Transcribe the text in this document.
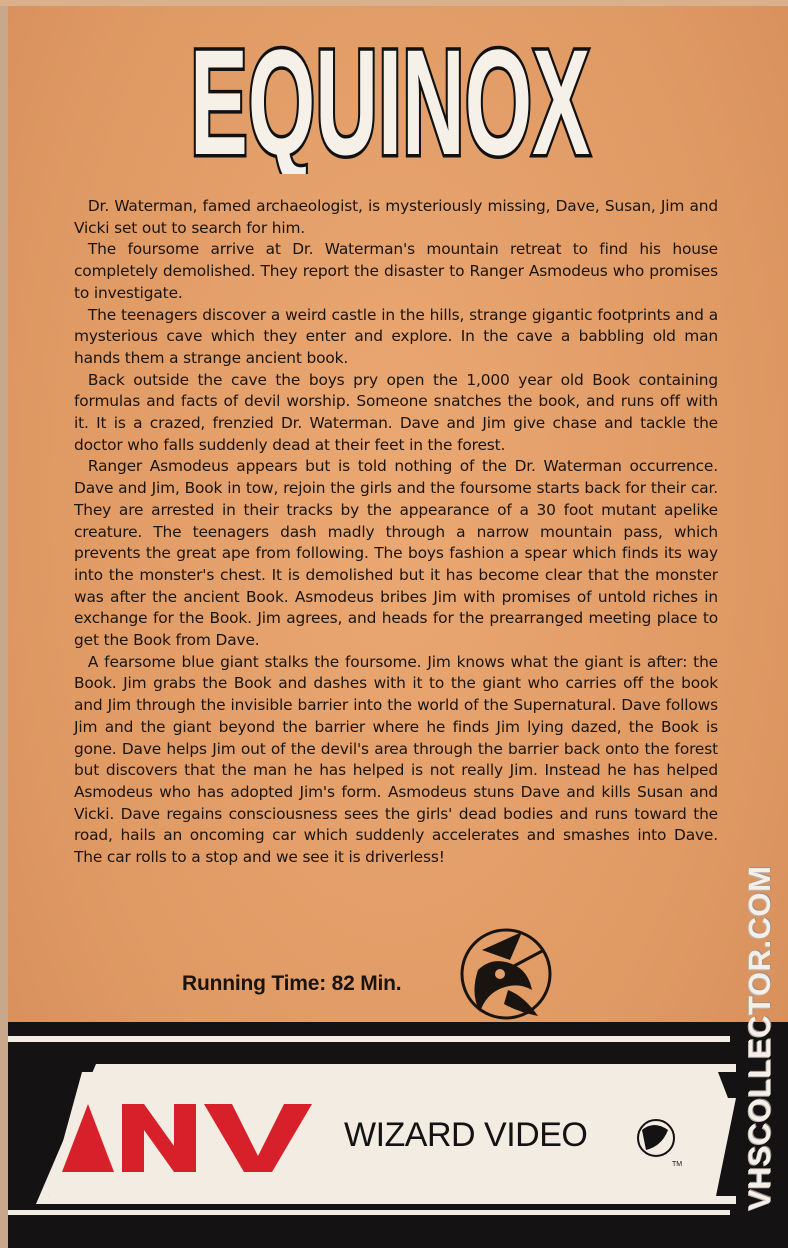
EQUINOX

Dr. Waterman, famed archaeologist, is mysteriously missing, Dave, Susan, Jim and Vicki set out to search for him.

The foursome arrive at Dr. Waterman's mountain retreat to find his house completely demolished. They report the disaster to Ranger Asmodeus who promises to investigate.

The teenagers discover a weird castle in the hills, strange gigantic footprints and a mysterious cave which they enter and explore. In the cave a babbling old man hands them a strange ancient book.

Back outside the cave the boys pry open the 1,000 year old Book containing formulas and facts of devil worship. Someone snatches the book, and runs off with it. It is a crazed, frenzied Dr. Waterman. Dave and Jim give chase and tackle the doctor who falls suddenly dead at their feet in the forest.

Ranger Asmodeus appears but is told nothing of the Dr. Waterman occurrence. Dave and Jim, Book in tow, rejoin the girls and the foursome starts back for their car. They are arrested in their tracks by the appearance of a 30 foot mutant apelike creature. The teenagers dash madly through a narrow mountain pass, which prevents the great ape from following. The boys fashion a spear which finds its way into the monster's chest. It is demolished but it has become clear that the monster was after the ancient Book. Asmodeus bribes Jim with promises of untold riches in exchange for the Book. Jim agrees, and heads for the prearranged meeting place to get the Book from Dave.

A fearsome blue giant stalks the foursome. Jim knows what the giant is after: the Book. Jim grabs the Book and dashes with it to the giant who carries off the book and Jim through the invisible barrier into the world of the Supernatural. Dave follows Jim and the giant beyond the barrier where he finds Jim lying dazed, the Book is gone. Dave helps Jim out of the devil's area through the barrier back onto the forest but discovers that the man he has helped is not really Jim. Instead he has helped Asmodeus who has adopted Jim's form. Asmodeus stuns Dave and kills Susan and Vicki. Dave regains consciousness sees the girls' dead bodies and runs toward the road, hails an oncoming car which suddenly accelerates and smashes into Dave. The car rolls to a stop and we see it is driverless!

Running Time: 82 Min.
TM
THIS PROGRAM IS AVAILABLE EXCLUSIVELY ON
WIZARD VIDEO	VHSCOLLECTOR.COM
